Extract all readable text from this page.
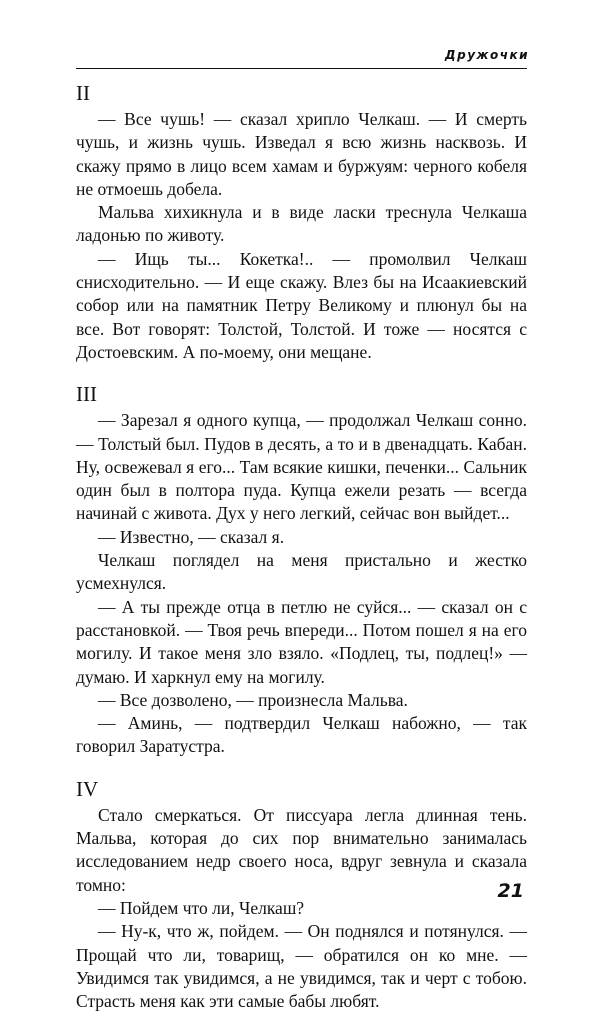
Дружочки
II

— Все чушь! — сказал хрипло Челкаш. — И смерть чушь, и жизнь чушь. Изведал я всю жизнь насквозь. И скажу прямо в лицо всем хамам и буржуям: черного кобеля не отмоешь добела.

Мальва хихикнула и в виде ласки треснула Челкаша ладонью по животу.

— Ищь ты... Кокетка!.. — промолвил Челкаш снисходительно. — И еще скажу. Влез бы на Исаакиевский собор или на памятник Петру Великому и плюнул бы на все. Вот говорят: Толстой, Толстой. И тоже — носятся с Достоевским. А по-моему, они мещане.

III

— Зарезал я одного купца, — продолжал Челкаш сонно. — Толстый был. Пудов в десять, а то и в двенадцать. Кабан. Ну, освежевал я его... Там всякие кишки, печенки... Сальник один был в полтора пуда. Купца ежели резать — всегда начинай с живота. Дух у него легкий, сейчас вон выйдет...

— Известно, — сказал я.

Челкаш поглядел на меня пристально и жестко усмехнулся.

— А ты прежде отца в петлю не суйся... — сказал он с расстановкой. — Твоя речь впереди... Потом пошел я на его могилу. И такое меня зло взяло. «Подлец, ты, подлец!» — думаю. И харкнул ему на могилу.

— Все дозволено, — произнесла Мальва.

— Аминь, — подтвердил Челкаш набожно, — так говорил Заратустра.

IV

Стало смеркаться. От писсуара легла длинная тень. Мальва, которая до сих пор внимательно занималась исследованием недр своего носа, вдруг зевнула и сказала томно:

— Пойдем что ли, Челкаш?

— Ну-к, что ж, пойдем. — Он поднялся и потянулся. — Прощай что ли, товарищ, — обратился он ко мне. — Увидимся так увидимся, а не увидимся, так и черт с тобою. Страсть меня как эти самые бабы любят.

21
